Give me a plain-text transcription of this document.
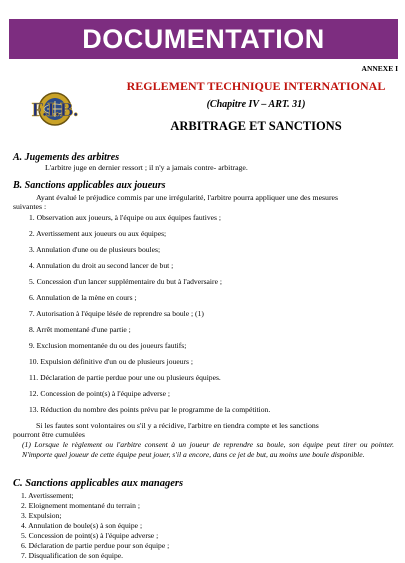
DOCUMENTATION
ANNEXE I
F.I.B.
REGLEMENT TECHNIQUE INTERNATIONAL
(Chapitre IV – ART. 31)
ARBITRAGE ET SANCTIONS
A. Jugements des arbitres
L'arbitre juge en dernier ressort ; il n'y a jamais contre- arbitrage.
B. Sanctions applicables aux joueurs
Ayant évalué le préjudice commis par une irrégularité, l'arbitre pourra appliquer une des mesures
suivantes :
1. Observation aux joueurs, à l'équipe ou aux équipes fautives ;
2. Avertissement aux joueurs ou aux équipes;
3. Annulation d'une ou de plusieurs boules;
4. Annulation du droit au second lancer de but ;
5. Concession d'un lancer supplémentaire du but à l'adversaire ;
6. Annulation de la mène en cours ;
7. Autorisation à l'équipe lésée de reprendre sa boule ; (1)
8. Arrêt momentané d'une partie ;
9. Exclusion momentanée du ou des joueurs fautifs;
10. Expulsion définitive d'un ou de plusieurs joueurs ;
11. Déclaration de partie perdue pour une ou plusieurs équipes.
12. Concession de point(s) à l'équipe adverse ;
13. Réduction du nombre des points prévu par le programme de la compétition.
Si les fautes sont volontaires ou s'il y a récidive, l'arbitre en tiendra compte et les sanctions
pourront être cumulées
(1) Lorsque le règlement ou l'arbitre consent à un joueur de reprendre sa boule, son équipe peut tirer ou pointer. N'importe quel joueur de cette équipe peut jouer, s'il a encore, dans ce jet de but, au moins une boule disponible.
C. Sanctions applicables aux managers
1. Avertissement;
2. Eloignement momentané du terrain ;
3. Expulsion;
4. Annulation de boule(s) à son équipe ;
5. Concession de point(s) à l'équipe adverse ;
6. Déclaration de partie perdue pour son équipe ;
7. Disqualification de son équipe.
